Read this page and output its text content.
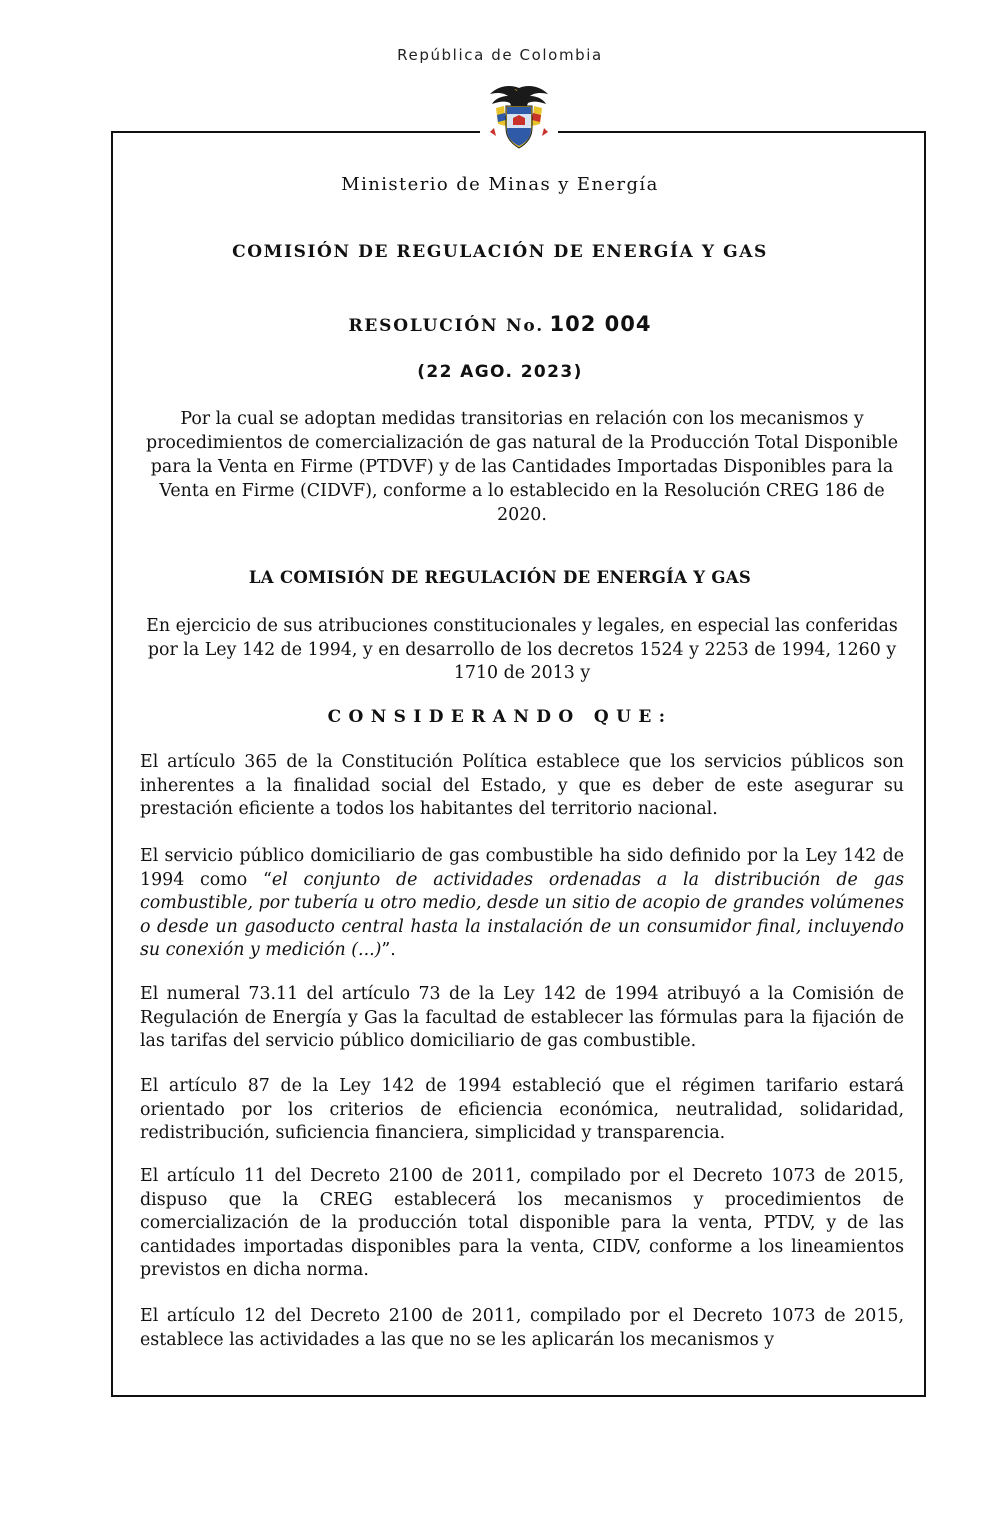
República de Colombia
Ministerio de Minas y Energía
COMISIÓN DE REGULACIÓN DE ENERGÍA Y GAS
RESOLUCIÓN No. 102 004
(22 AGO. 2023)
Por la cual se adoptan medidas transitorias en relación con los mecanismos y procedimientos de comercialización de gas natural de la Producción Total Disponible para la Venta en Firme (PTDVF) y de las Cantidades Importadas Disponibles para la Venta en Firme (CIDVF), conforme a lo establecido en la Resolución CREG 186 de 2020.
LA COMISIÓN DE REGULACIÓN DE ENERGÍA Y GAS
En ejercicio de sus atribuciones constitucionales y legales, en especial las conferidas por la Ley 142 de 1994, y en desarrollo de los decretos 1524 y 2253 de 1994, 1260 y 1710 de 2013 y
CONSIDERANDO QUE:

El artículo 365 de la Constitución Política establece que los servicios públicos son inherentes a la finalidad social del Estado, y que es deber de este asegurar su prestación eficiente a todos los habitantes del territorio nacional.

El servicio público domiciliario de gas combustible ha sido definido por la Ley 142 de 1994 como “el conjunto de actividades ordenadas a la distribución de gas combustible, por tubería u otro medio, desde un sitio de acopio de grandes volúmenes o desde un gasoducto central hasta la instalación de un consumidor final, incluyendo su conexión y medición (...)”.

El numeral 73.11 del artículo 73 de la Ley 142 de 1994 atribuyó a la Comisión de Regulación de Energía y Gas la facultad de establecer las fórmulas para la fijación de las tarifas del servicio público domiciliario de gas combustible.

El artículo 87 de la Ley 142 de 1994 estableció que el régimen tarifario estará orientado por los criterios de eficiencia económica, neutralidad, solidaridad, redistribución, suficiencia financiera, simplicidad y transparencia.

El artículo 11 del Decreto 2100 de 2011, compilado por el Decreto 1073 de 2015, dispuso que la CREG establecerá los mecanismos y procedimientos de comercialización de la producción total disponible para la venta, PTDV, y de las cantidades importadas disponibles para la venta, CIDV, conforme a los lineamientos previstos en dicha norma.

El artículo 12 del Decreto 2100 de 2011, compilado por el Decreto 1073 de 2015, establece las actividades a las que no se les aplicarán los mecanismos y
